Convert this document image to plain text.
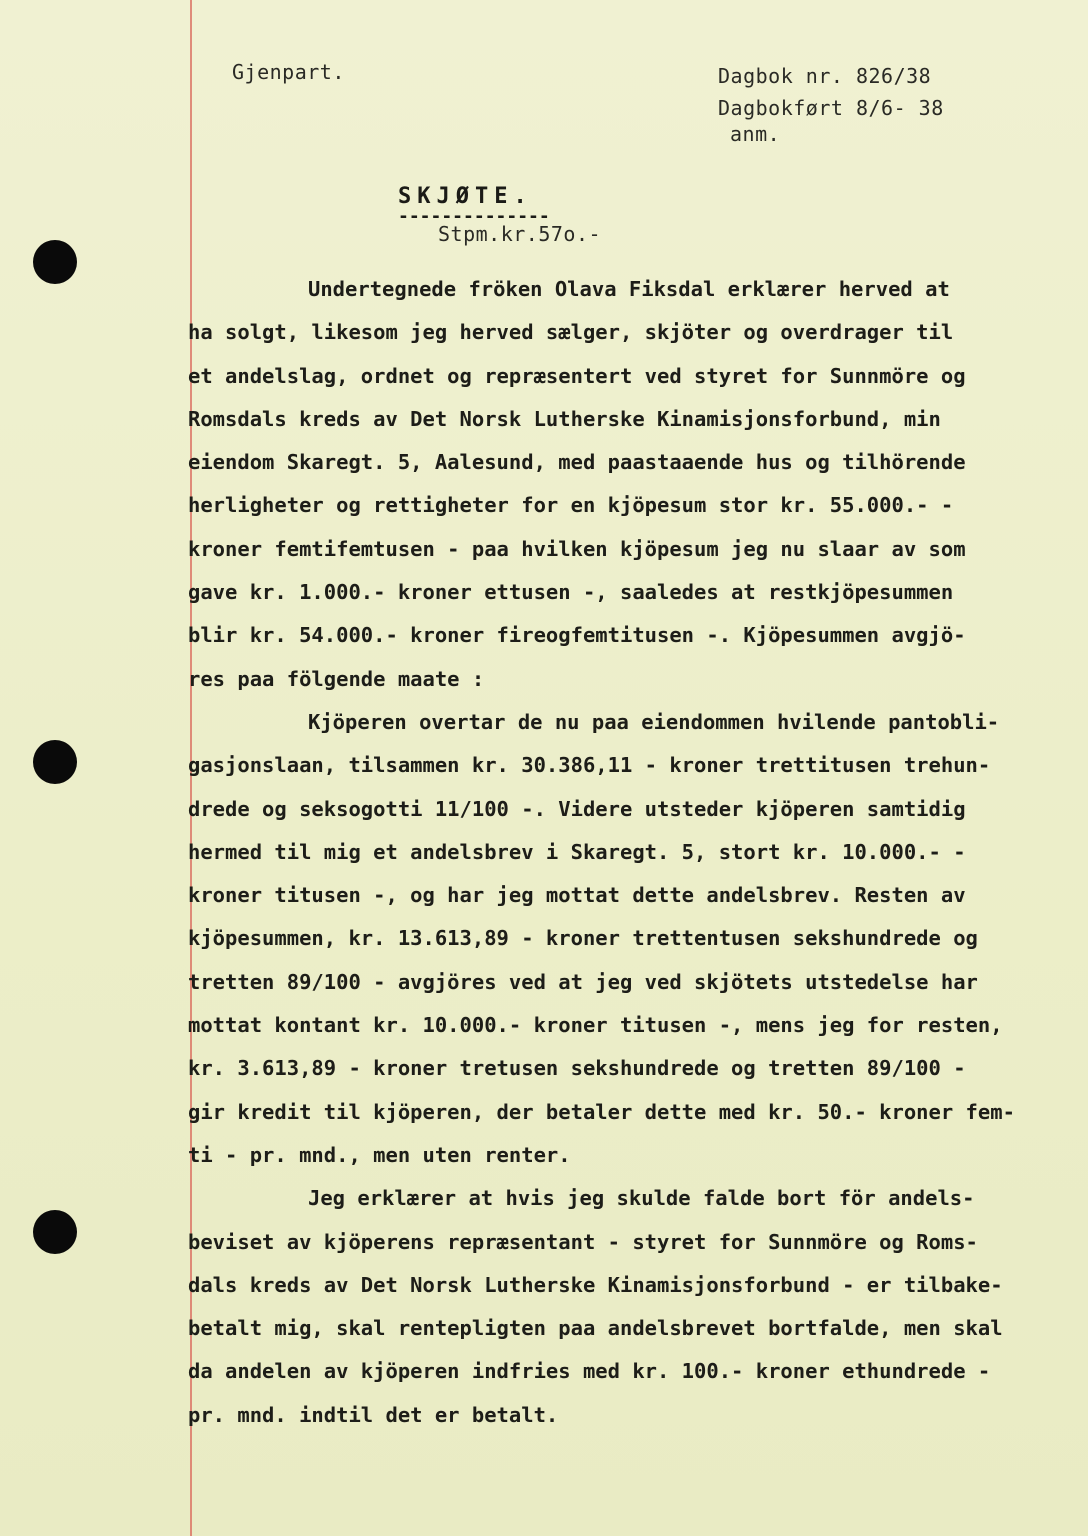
Gjenpart.	Dagbok nr. 826/38
Dagbokført 8/6- 38
anm.
SKJØTE.
--------------
Stpm.kr.57o.-
Undertegnede fröken Olava Fiksdal erklærer herved at
ha solgt, likesom jeg herved sælger, skjöter og overdrager til
et andelslag, ordnet og repræsentert ved styret for Sunnmöre og
Romsdals kreds av Det Norsk Lutherske Kinamisjonsforbund, min
eiendom Skaregt. 5, Aalesund, med paastaaende hus og tilhörende
herligheter og rettigheter for en kjöpesum stor kr. 55.000.- -
kroner femtifemtusen - paa hvilken kjöpesum jeg nu slaar av som
gave kr. 1.000.- kroner ettusen -, saaledes at restkjöpesummen
blir kr. 54.000.- kroner fireogfemtitusen -. Kjöpesummen avgjö-
res paa fölgende maate :
Kjöperen overtar de nu paa eiendommen hvilende pantobli-
gasjonslaan, tilsammen kr. 30.386,11 - kroner trettitusen trehun-
drede og seksogotti 11/100 -. Videre utsteder kjöperen samtidig
hermed til mig et andelsbrev i Skaregt. 5, stort kr. 10.000.- -
kroner titusen -, og har jeg mottat dette andelsbrev. Resten av
kjöpesummen, kr. 13.613,89 - kroner trettentusen sekshundrede og
tretten 89/100 - avgjöres ved at jeg ved skjötets utstedelse har
mottat kontant kr. 10.000.- kroner titusen -, mens jeg for resten,
kr. 3.613,89 - kroner tretusen sekshundrede og tretten 89/100 -
gir kredit til kjöperen, der betaler dette med kr. 50.- kroner fem-
ti - pr. mnd., men uten renter.
Jeg erklærer at hvis jeg skulde falde bort för andels-
beviset av kjöperens repræsentant - styret for Sunnmöre og Roms-
dals kreds av Det Norsk Lutherske Kinamisjonsforbund - er tilbake-
betalt mig, skal rentepligten paa andelsbrevet bortfalde, men skal
da andelen av kjöperen indfries med kr. 100.- kroner ethundrede -
pr. mnd. indtil det er betalt.
